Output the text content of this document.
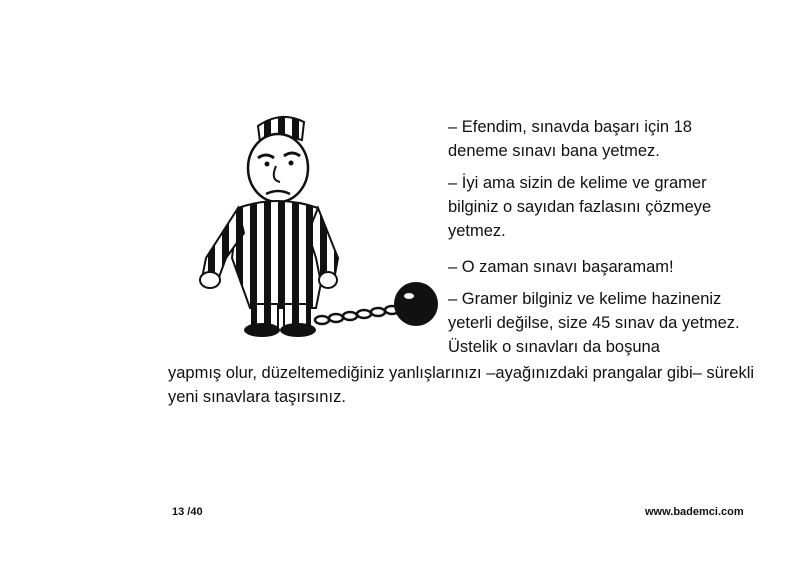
– Efendim, sınavda başarı için 18 deneme sınavı bana yetmez.

– İyi ama sizin de kelime ve gramer bilginiz o sayıdan fazlasını çözmeye yetmez.

– O zaman sınavı başaramam!

– Gramer bilginiz ve kelime hazineniz yeterli değilse, size 45 sınav da yetmez. Üstelik o sınavları da boşuna

yapmış olur, düzeltemediğiniz yanlışlarınızı –ayağınızdaki prangalar gibi– sürekli yeni sınavlara taşırsınız.

13 /40	www.bademci.com
